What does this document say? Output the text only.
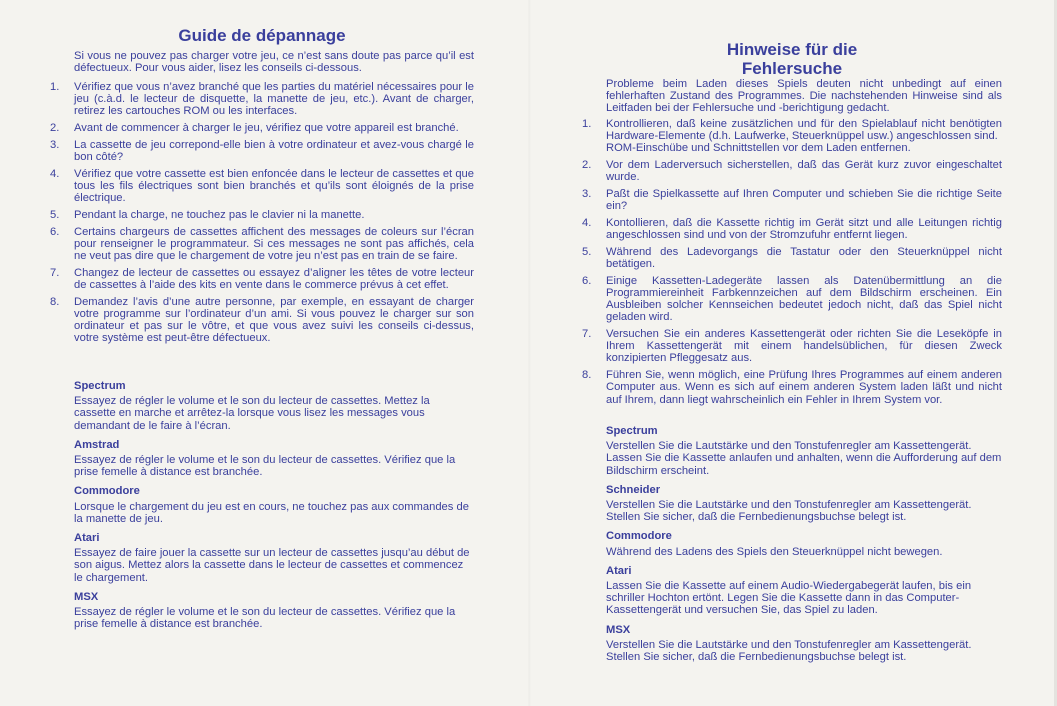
Guide de dépannage

Si vous ne pouvez pas charger votre jeu, ce n’est sans doute pas parce qu’il est défectueux. Pour vous aider, lisez les conseils ci-dessous.

1. Vérifiez que vous n’avez branché que les parties du matériel nécessaires pour le jeu (c.à.d. le lecteur de disquette, la manette de jeu, etc.). Avant de charger, retirez les cartouches ROM ou les interfaces.
2. Avant de commencer à charger le jeu, vérifiez que votre appareil est branché.
3. La cassette de jeu correpond-elle bien à votre ordinateur et avez-vous chargé le bon côté?
4. Vérifiez que votre cassette est bien enfoncée dans le lecteur de cassettes et que tous les fils électriques sont bien branchés et qu’ils sont éloignés de la prise électrique.
5. Pendant la charge, ne touchez pas le clavier ni la manette.
6. Certains chargeurs de cassettes affichent des messages de coleurs sur l’écran pour renseigner le programmateur. Si ces messages ne sont pas affichés, cela ne veut pas dire que le chargement de votre jeu n’est pas en train de se faire.
7. Changez de lecteur de cassettes ou essayez d’aligner les têtes de votre lecteur de cassettes à l’aide des kits en vente dans le commerce prévus à cet effet.
8. Demandez l’avis d’une autre personne, par exemple, en essayant de charger votre programme sur l’ordinateur d’un ami. Si vous pouvez le charger sur son ordinateur et pas sur le vôtre, et que vous avez suivi les conseils ci-dessus, votre système est peut-être défectueux.
Spectrum
Essayez de régler le volume et le son du lecteur de cassettes. Mettez la cassette en marche et arrêtez-la lorsque vous lisez les messages vous demandant de le faire à l’écran.
Amstrad
Essayez de régler le volume et le son du lecteur de cassettes. Vérifiez que la prise femelle à distance est branchée.
Commodore
Lorsque le chargement du jeu est en cours, ne touchez pas aux commandes de la manette de jeu.
Atari
Essayez de faire jouer la cassette sur un lecteur de cassettes jusqu’au début de son aigus. Mettez alors la cassette dans le lecteur de cassettes et commencez le chargement.
MSX
Essayez de régler le volume et le son du lecteur de cassettes. Vérifiez que la prise femelle à distance est branchée.
Hinweise für die
Fehlersuche

Probleme beim Laden dieses Spiels deuten nicht unbedingt auf einen fehlerhaften Zustand des Programmes. Die nachstehenden Hinweise sind als Leitfaden bei der Fehlersuche und -berichtigung gedacht.

1. Kontrollieren, daß keine zusätzlichen und für den Spielablauf nicht benötigten Hardware-Elemente (d.h. Laufwerke, Steuerknüppel usw.) angeschlossen sind.
ROM-Einschübe und Schnittstellen vor dem Laden entfernen.
2. Vor dem Laderversuch sicherstellen, daß das Gerät kurz zuvor eingeschaltet wurde.
3. Paßt die Spielkassette auf Ihren Computer und schieben Sie die richtige Seite ein?
4. Kontollieren, daß die Kassette richtig im Gerät sitzt und alle Leitungen richtig angeschlossen sind und von der Stromzufuhr entfernt liegen.
5. Während des Ladevorgangs die Tastatur oder den Steuerknüppel nicht betätigen.
6. Einige Kassetten-Ladegeräte lassen als Datenübermittlung an die Programmiereinheit Farbkennzeichen auf dem Bildschirm erscheinen. Ein Ausbleiben solcher Kennseichen bedeutet jedoch nicht, daß das Spiel nicht geladen wird.
7. Versuchen Sie ein anderes Kassettengerät oder richten Sie die Leseköpfe in Ihrem Kassettengerät mit einem handelsüblichen, für diesen Zweck konzipierten Pfleggesatz aus.
8. Führen Sie, wenn möglich, eine Prüfung Ihres Programmes auf einem anderen Computer aus. Wenn es sich auf einem anderen System laden läßt und nicht auf Ihrem, dann liegt wahrscheinlich ein Fehler in Ihrem System vor.
Spectrum
Verstellen Sie die Lautstärke und den Tonstufenregler am Kassettengerät. Lassen Sie die Kassette anlaufen und anhalten, wenn die Aufforderung auf dem Bildschirm erscheint.
Schneider
Verstellen Sie die Lautstärke und den Tonstufenregler am Kassettengerät. Stellen Sie sicher, daß die Fernbedienungsbuchse belegt ist.
Commodore
Während des Ladens des Spiels den Steuerknüppel nicht bewegen.
Atari
Lassen Sie die Kassette auf einem Audio-Wiedergabegerät laufen, bis ein schriller Hochton ertönt. Legen Sie die Kassette dann in das Computer-Kassettengerät und versuchen Sie, das Spiel zu laden.
MSX
Verstellen Sie die Lautstärke und den Tonstufenregler am Kassettengerät. Stellen Sie sicher, daß die Fernbedienungsbuchse belegt ist.
